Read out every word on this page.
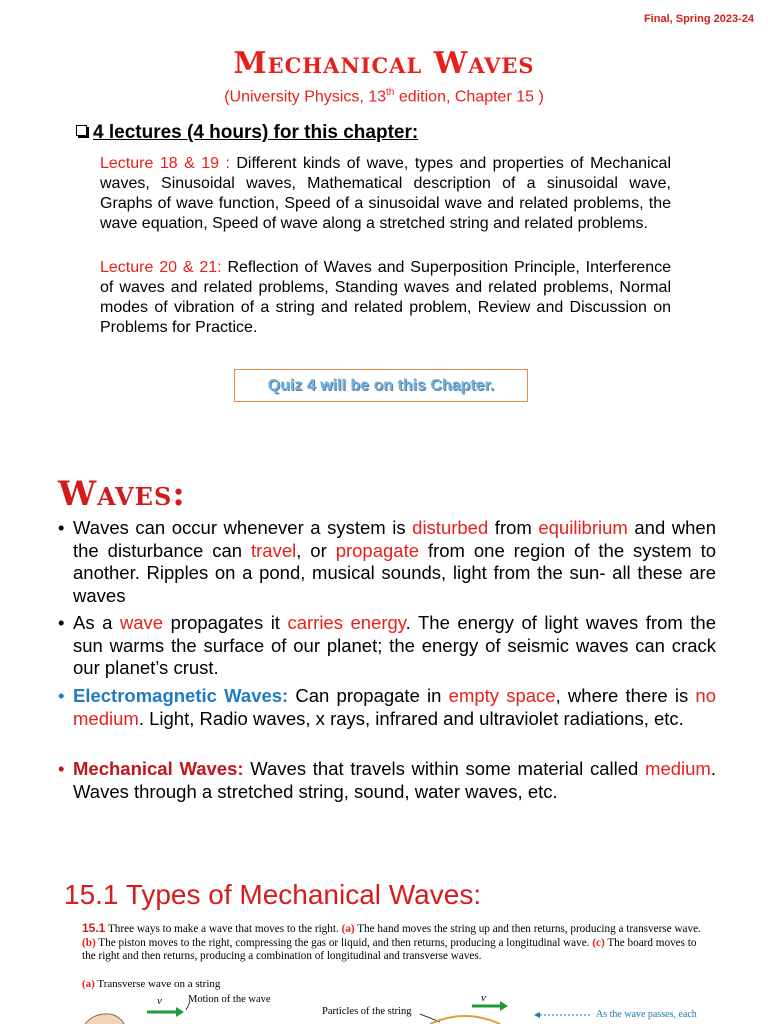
Final, Spring 2023-24
Mechanical Waves
(University Physics, 13th edition, Chapter 15 )
4 lectures (4 hours) for this chapter:
Lecture 18 & 19 : Different kinds of wave, types and properties of Mechanical waves, Sinusoidal waves, Mathematical description of a sinusoidal wave, Graphs of wave function, Speed of a sinusoidal wave and related problems, the wave equation, Speed of wave along a stretched string and related problems.
Lecture 20 & 21: Reflection of Waves and Superposition Principle, Interference of waves and related problems, Standing waves and related problems, Normal modes of vibration of a string and related problem, Review and Discussion on Problems for Practice.
Quiz 4 will be on this Chapter.
Waves:
• Waves can occur whenever a system is disturbed from equilibrium and when the disturbance can travel, or propagate from one region of the system to another. Ripples on a pond, musical sounds, light from the sun- all these are waves
• As a wave propagates it carries energy. The energy of light waves from the sun warms the surface of our planet; the energy of seismic waves can crack our planet’s crust.
• Electromagnetic Waves: Can propagate in empty space, where there is no medium. Light, Radio waves, x rays, infrared and ultraviolet radiations, etc.
• Mechanical Waves: Waves that travels within some material called medium. Waves through a stretched string, sound, water waves, etc.
15.1 Types of Mechanical Waves:
15.1 Three ways to make a wave that moves to the right. (a) The hand moves the string up and then returns, producing a transverse wave. (b) The piston moves to the right, compressing the gas or liquid, and then returns, producing a longitudinal wave. (c) The board moves to the right and then returns, producing a combination of longitudinal and transverse waves.
(a) Transverse wave on a string
v	v
Motion of the wave
Particles of the string	As the wave passes, each
